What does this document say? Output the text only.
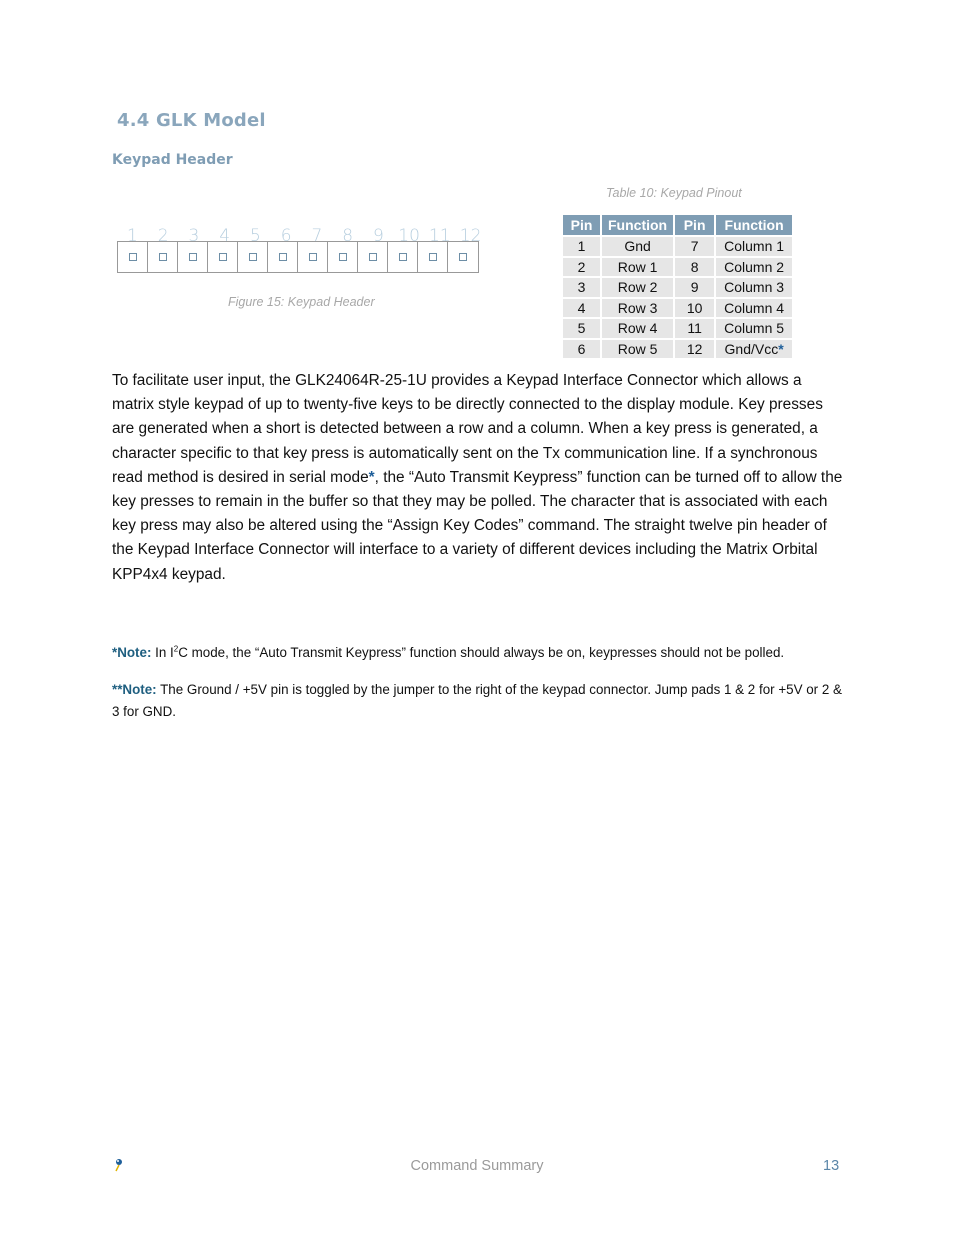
4.4 GLK Model
Keypad Header
1	2	3	4	5	6	7	8	9 10 11 12
Figure 15: Keypad Header
Table 10: Keypad Pinout
Pin	Function	Pin	Function
1	Gnd	7	Column 1
2	Row 1	8	Column 2
3	Row 2	9	Column 3
4	Row 3	10	Column 4
5	Row 4	11	Column 5
6	Row 5	12	Gnd/Vcc*
To facilitate user input, the GLK24064R-25-1U provides a Keypad Interface Connector which allows a matrix style keypad of up to twenty-five keys to be directly connected to the display module. Key presses are generated when a short is detected between a row and a column. When a key press is generated, a character specific to that key press is automatically sent on the Tx communication line. If a synchronous read method is desired in serial mode*, the “Auto Transmit Keypress” function can be turned off to allow the key presses to remain in the buffer so that they may be polled. The character that is associated with each key press may also be altered using the “Assign Key Codes” command. The straight twelve pin header of the Keypad Interface Connector will interface to a variety of different devices including the Matrix Orbital KPP4x4 keypad.
*Note: In $I^2C$ mode, the “Auto Transmit Keypress” function should always be on, keypresses should not be polled.
**Note: The Ground / +5V pin is toggled by the jumper to the right of the keypad connector. Jump pads 1 & 2 for +5V or 2 & 3 for GND.
Command Summary	13
